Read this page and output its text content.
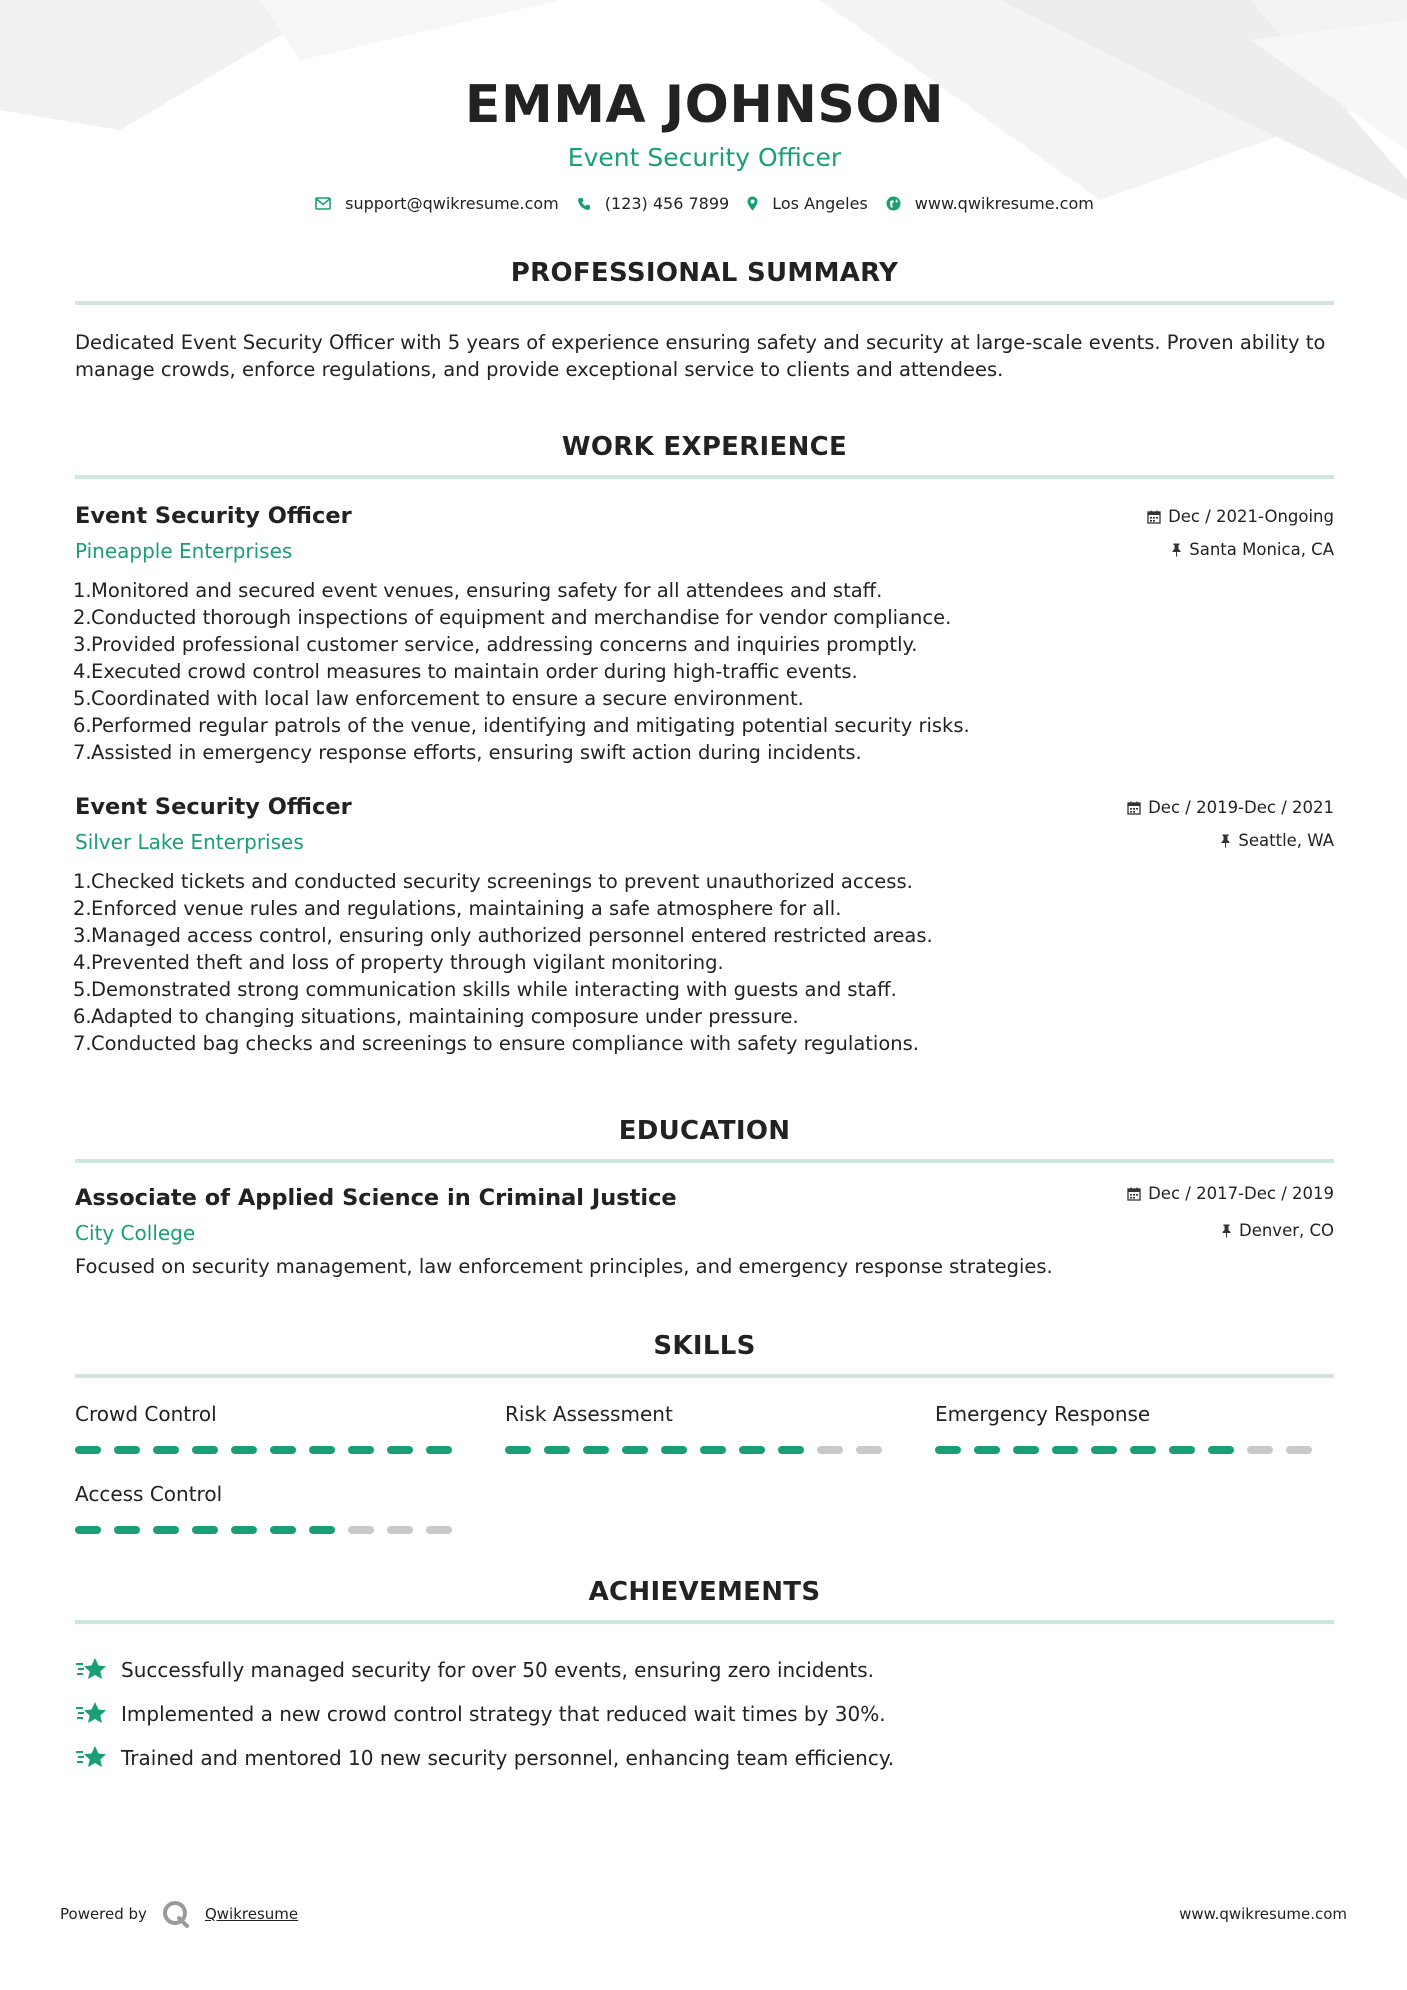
EMMA JOHNSON
Event Security Officer
support@qwikresume.com	(123) 456 7899	Los Angeles	www.qwikresume.com
PROFESSIONAL SUMMARY

Dedicated Event Security Officer with 5 years of experience ensuring safety and security at large-scale events. Proven ability to manage crowds, enforce regulations, and provide exceptional service to clients and attendees.

WORK EXPERIENCE
Event Security Officer
Pineapple Enterprises
Dec / 2021-Ongoing
Santa Monica, CA
1. Monitored and secured event venues, ensuring safety for all attendees and staff.
2. Conducted thorough inspections of equipment and merchandise for vendor compliance.
3. Provided professional customer service, addressing concerns and inquiries promptly.
4. Executed crowd control measures to maintain order during high-traffic events.
5. Coordinated with local law enforcement to ensure a secure environment.
6. Performed regular patrols of the venue, identifying and mitigating potential security risks.
7. Assisted in emergency response efforts, ensuring swift action during incidents.
Event Security Officer
Silver Lake Enterprises
Dec / 2019-Dec / 2021
Seattle, WA
1. Checked tickets and conducted security screenings to prevent unauthorized access.
2. Enforced venue rules and regulations, maintaining a safe atmosphere for all.
3. Managed access control, ensuring only authorized personnel entered restricted areas.
4. Prevented theft and loss of property through vigilant monitoring.
5. Demonstrated strong communication skills while interacting with guests and staff.
6. Adapted to changing situations, maintaining composure under pressure.
7. Conducted bag checks and screenings to ensure compliance with safety regulations.
EDUCATION
Associate of Applied Science in Criminal Justice
City College
Dec / 2017-Dec / 2019
Denver, CO

Focused on security management, law enforcement principles, and emergency response strategies.

SKILLS
Crowd Control	Risk Assessment	Emergency Response
Access Control
ACHIEVEMENTS
Successfully managed security for over 50 events, ensuring zero incidents.
Implemented a new crowd control strategy that reduced wait times by 30%.
Trained and mentored 10 new security personnel, enhancing team efficiency.
Powered by	Qwikresume	www.qwikresume.com
